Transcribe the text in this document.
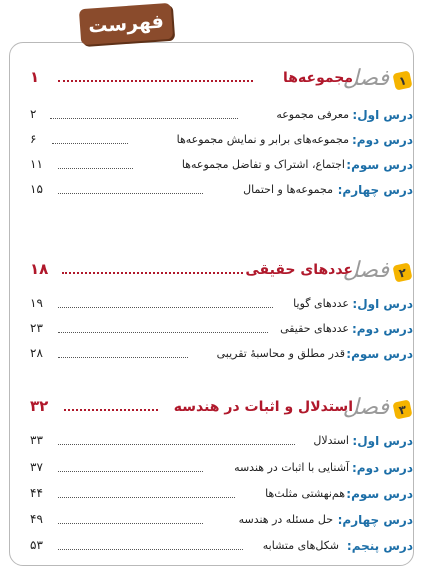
فهرست
فصل ۱
مجموعه‌ها
۱
درس اول:
معرفی مجموعه
۲
درس دوم:
مجموعه‌های برابر و نمایش مجموعه‌ها
۶
درس سوم:
اجتماع، اشتراک و تفاضل مجموعه‌ها
۱۱
درس چهارم:
مجموعه‌ها و احتمال
۱۵
فصل ۲
عددهای حقیقی
۱۸
درس اول:
عددهای گویا
۱۹
درس دوم:
عددهای حقیقی
۲۳
درس سوم:
قدر مطلق و محاسبهٔ تقریبی
۲۸
فصل ۳
استدلال و اثبات در هندسه
۳۲
درس اول:
استدلال
۳۳
درس دوم:
آشنایی با اثبات در هندسه
۳۷
درس سوم:
هم‌نهشتی مثلث‌ها
۴۴
درس چهارم:
حل مسئله در هندسه
۴۹
درس پنجم:
شکل‌های متشابه
۵۳
